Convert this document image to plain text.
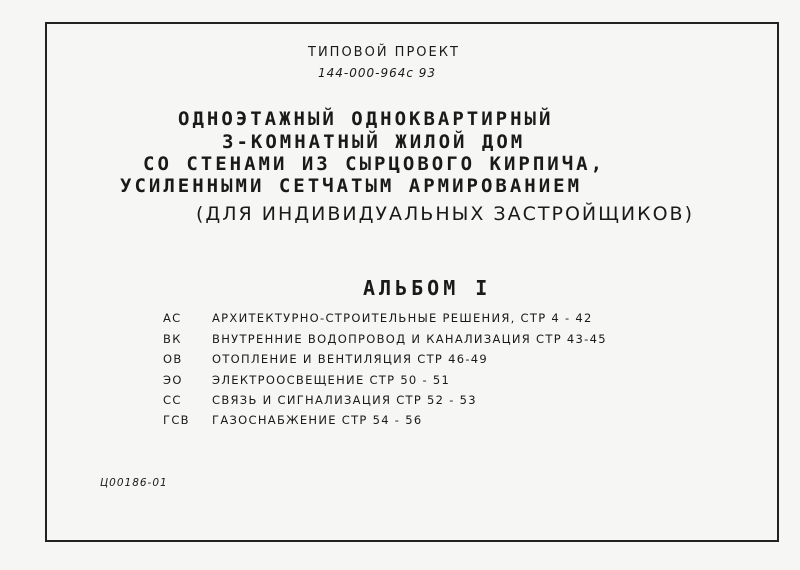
ТИПОВОЙ ПРОЕКТ
144-000-964с 93
ОДНОЭТАЖНЫЙ ОДНОКВАРТИРНЫЙ
3-КОМНАТНЫЙ ЖИЛОЙ ДОМ
СО СТЕНАМИ ИЗ СЫРЦОВОГО КИРПИЧА,
УСИЛЕННЫМИ СЕТЧАТЫМ АРМИРОВАНИЕМ
(ДЛЯ ИНДИВИДУАЛЬНЫХ ЗАСТРОЙЩИКОВ)
АЛЬБОМ I
АС	АРХИТЕКТУРНО-СТРОИТЕЛЬНЫЕ РЕШЕНИЯ, СТР 4 - 42
ВК	ВНУТРЕННИЕ ВОДОПРОВОД И КАНАЛИЗАЦИЯ СТР 43-45
ОВ	ОТОПЛЕНИЕ И ВЕНТИЛЯЦИЯ СТР 46-49
ЭО	ЭЛЕКТРООСВЕЩЕНИЕ СТР 50 - 51
СС	СВЯЗЬ И СИГНАЛИЗАЦИЯ СТР 52 - 53
ГСВ ГАЗОСНАБЖЕНИЕ СТР 54 - 56
Ц00186-01
